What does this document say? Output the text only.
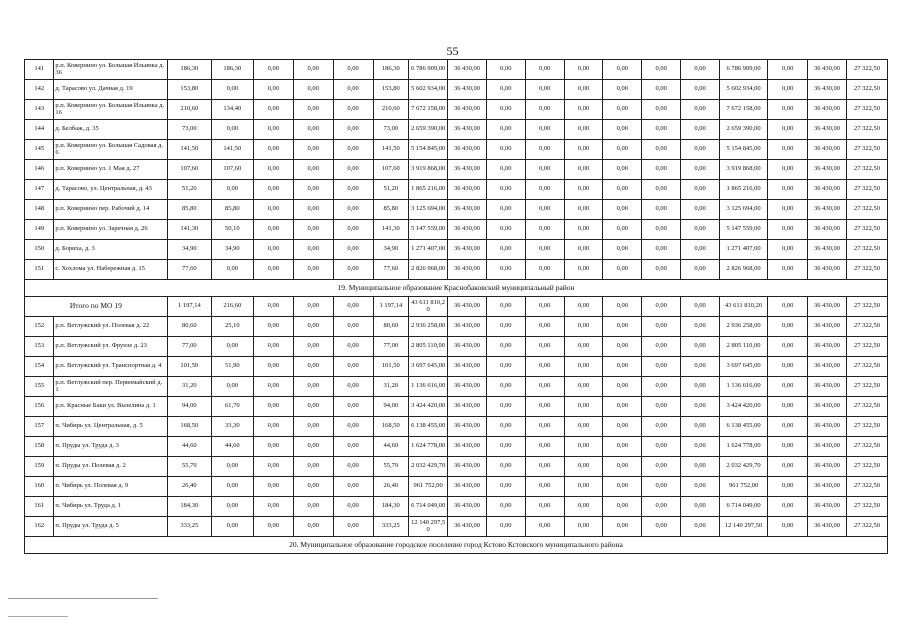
55
141	р.п. Ковернино ул. Большая Ильинка д. 36	186,30	186,30	0,00	0,00	0,00	186,30	6 786 909,00	36 430,00	0,00	0,00	0,00	0,00	0,00	0,00	6 786 909,00	0,00	36 430,00	27 322,50
142	д. Тарасово ул. Дачная д. 19	153,80	0,00	0,00	0,00	0,00	153,80	5 602 934,00	36 430,00	0,00	0,00	0,00	0,00	0,00	0,00	5 602 934,00	0,00	36 430,00	27 322,50
143	р.п. Ковернино ул. Большая Ильинка д. 16	210,60	134,40	0,00	0,00	0,00	210,60	7 672 158,00	36 430,00	0,00	0,00	0,00	0,00	0,00	0,00	7 672 158,00	0,00	36 430,00	27 322,50
144	д. Белбаж, д. 35	73,00	0,00	0,00	0,00	0,00	73,00	2 659 390,00	36 430,00	0,00	0,00	0,00	0,00	0,00	0,00	2 659 390,00	0,00	36 430,00	27 322,50
145	р.п. Ковернино ул. Большая Садовая д. 6	141,50	141,50	0,00	0,00	0,00	141,50	5 154 845,00	36 430,00	0,00	0,00	0,00	0,00	0,00	0,00	5 154 845,00	0,00	36 430,00	27 322,50
146	р.п. Ковернино ул. 1 Мая д. 27	107,60	107,60	0,00	0,00	0,00	107,60	3 919 868,00	36 430,00	0,00	0,00	0,00	0,00	0,00	0,00	3 919 868,00	0,00	36 430,00	27 322,50
147	д. Тарасово, ул. Центральная, д. 43	51,20	0,00	0,00	0,00	0,00	51,20	1 865 216,00	36 430,00	0,00	0,00	0,00	0,00	0,00	0,00	1 865 216,00	0,00	36 430,00	27 322,50
148	р.п. Ковернино пер. Рабочий д. 14	85,80	85,80	0,00	0,00	0,00	85,80	3 125 694,00	36 430,00	0,00	0,00	0,00	0,00	0,00	0,00	3 125 694,00	0,00	36 430,00	27 322,50
149	р.п. Ковернино ул. Заречная д. 26	141,30	50,10	0,00	0,00	0,00	141,30	5 147 559,00	36 430,00	0,00	0,00	0,00	0,00	0,00	0,00	5 147 559,00	0,00	36 430,00	27 322,50
150	д. Бориха, д. 3	34,90	34,90	0,00	0,00	0,00	34,90	1 271 407,00	36 430,00	0,00	0,00	0,00	0,00	0,00	0,00	1 271 407,00	0,00	36 430,00	27 322,50
151	с. Хохлома ул. Набережная д. 15	77,60	0,00	0,00	0,00	0,00	77,60	2 826 968,00	36 430,00	0,00	0,00	0,00	0,00	0,00	0,00	2 826 968,00	0,00	36 430,00	27 322,50
19. Муниципальное образование Краснобаковский муниципальный район																			
Итого по МО 19		1 197,14	216,60	0,00	0,00	0,00	1 197,14	43 611 810,20	36 430,00	0,00	0,00	0,00	0,00	0,00	0,00	43 611 810,20	0,00	36 430,00	27 322,50
152	р.п. Ветлужский ул. Полевая д. 22	80,60	25,10	0,00	0,00	0,00	80,60	2 936 258,00	36 430,00	0,00	0,00	0,00	0,00	0,00	0,00	2 936 258,00	0,00	36 430,00	27 322,50
153	р.п. Ветлужский ул. Фрунзе д. 23	77,00	0,00	0,00	0,00	0,00	77,00	2 805 110,00	36 430,00	0,00	0,00	0,00	0,00	0,00	0,00	2 805 110,00	0,00	36 430,00	27 322,50
154	р.п. Ветлужский ул. Транспортная д. 4	101,50	51,90	0,00	0,00	0,00	101,50	3 697 645,00	36 430,00	0,00	0,00	0,00	0,00	0,00	0,00	3 697 645,00	0,00	36 430,00	27 322,50
155	р.п. Ветлужский пер. Первомайский д. 1	31,20	0,00	0,00	0,00	0,00	31,20	1 136 616,00	36 430,00	0,00	0,00	0,00	0,00	0,00	0,00	1 136 616,00	0,00	36 430,00	27 322,50
156	р.п. Красные Баки ул. Вызелина д. 1	94,00	61,70	0,00	0,00	0,00	94,00	3 424 420,00	36 430,00	0,00	0,00	0,00	0,00	0,00	0,00	3 424 420,00	0,00	36 430,00	27 322,50
157	п. Чибирь ул. Центральная, д. 5	168,50	33,30	0,00	0,00	0,00	168,50	6 138 455,00	36 430,00	0,00	0,00	0,00	0,00	0,00	0,00	6 138 455,00	0,00	36 430,00	27 322,50
158	п. Пруды ул. Труда д. 3	44,60	44,60	0,00	0,00	0,00	44,60	1 624 778,00	36 430,00	0,00	0,00	0,00	0,00	0,00	0,00	1 624 778,00	0,00	36 430,00	27 322,50
159	п. Пруды ул. Полевая д. 2	55,79	0,00	0,00	0,00	0,00	55,79	2 032 429,70	36 430,00	0,00	0,00	0,00	0,00	0,00	0,00	2 032 429,70	0,00	36 430,00	27 322,50
160	п. Чибирь ул. Полевая д. 9	26,40	0,00	0,00	0,00	0,00	26,40	961 752,00	36 430,00	0,00	0,00	0,00	0,00	0,00	0,00	961 752,00	0,00	36 430,00	27 322,50
161	п. Чибирь ул. Труда д. 1	184,30	0,00	0,00	0,00	0,00	184,30	6 714 049,00	36 430,00	0,00	0,00	0,00	0,00	0,00	0,00	6 714 049,00	0,00	36 430,00	27 322,50
162	п. Пруды ул. Труда д. 5	333,25	0,00	0,00	0,00	0,00	333,25	12 140 297,50	36 430,00	0,00	0,00	0,00	0,00	0,00	0,00	12 140 297,50	0,00	36 430,00	27 322,50
20. Муниципальное образование городское поселение город Кстово Кстовского муниципального района																			
